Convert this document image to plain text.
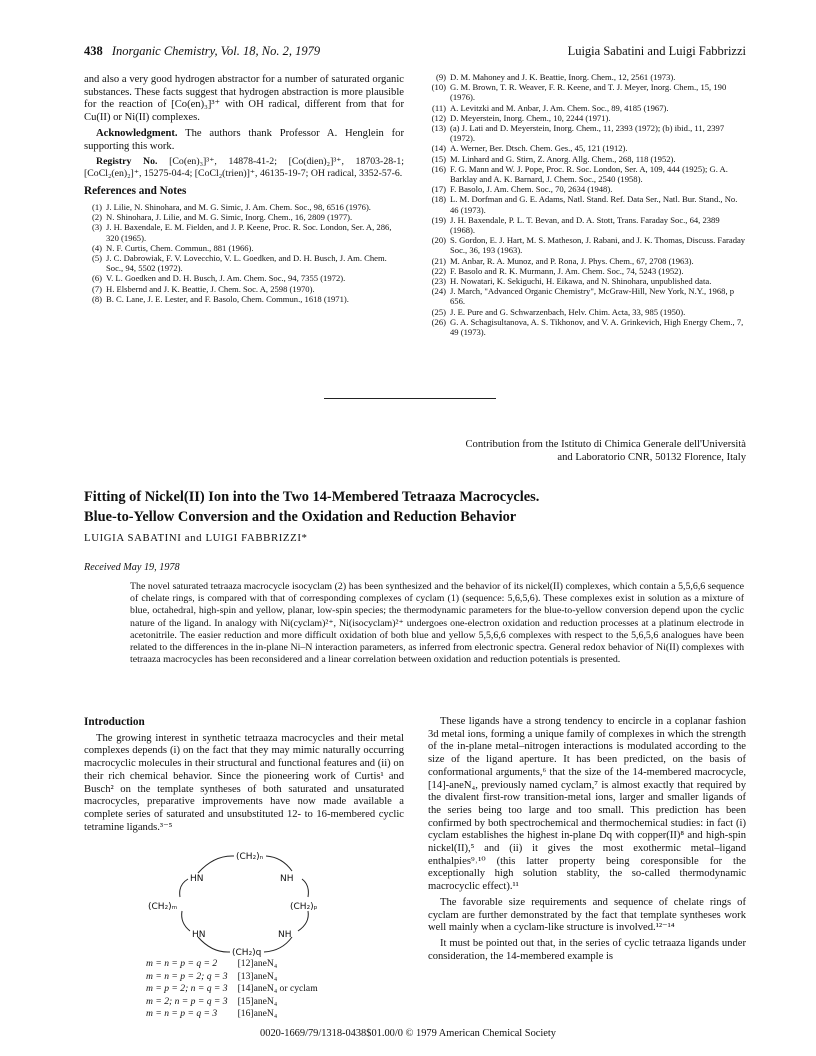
438 Inorganic Chemistry, Vol. 18, No. 2, 1979	Luigia Sabatini and Luigi Fabbrizzi

and also a very good hydrogen abstractor for a number of saturated organic substances. These facts suggest that hydrogen abstraction is more plausible for the reaction of [Co(en)₃]³⁺ with OH radical, different from that for Cu(II) or Ni(II) complexes.

Acknowledgment. The authors thank Professor A. Henglein for supporting this work.

Registry No. [Co(en)₃]³⁺, 14878-41-2; [Co(dien)₂]³⁺, 18703-28-1; [CoCl₂(en)₂]⁺, 15275-04-4; [CoCl₂(trien)]⁺, 46135-19-7; OH radical, 3352-57-6.

References and Notes
(1) J. Lilie, N. Shinohara, and M. G. Simic, J. Am. Chem. Soc., 98, 6516 (1976).
(2) N. Shinohara, J. Lilie, and M. G. Simic, Inorg. Chem., 16, 2809 (1977).
(3) J. H. Baxendale, E. M. Fielden, and J. P. Keene, Proc. R. Soc. London, Ser. A, 286, 320 (1965).
(4) N. F. Curtis, Chem. Commun., 881 (1966).
(5) J. C. Dabrowiak, F. V. Lovecchio, V. L. Goedken, and D. H. Busch, J. Am. Chem. Soc., 94, 5502 (1972).
(6) V. L. Goedken and D. H. Busch, J. Am. Chem. Soc., 94, 7355 (1972).
(7) H. Elsbernd and J. K. Beattie, J. Chem. Soc. A, 2598 (1970).
(8) B. C. Lane, J. E. Lester, and F. Basolo, Chem. Commun., 1618 (1971).
(9) D. M. Mahoney and J. K. Beattie, Inorg. Chem., 12, 2561 (1973).
(10) G. M. Brown, T. R. Weaver, F. R. Keene, and T. J. Meyer, Inorg. Chem., 15, 190 (1976).
(11) A. Levitzki and M. Anbar, J. Am. Chem. Soc., 89, 4185 (1967).
(12) D. Meyerstein, Inorg. Chem., 10, 2244 (1971).
(13) (a) J. Lati and D. Meyerstein, Inorg. Chem., 11, 2393 (1972); (b) ibid., 11, 2397 (1972).
(14) A. Werner, Ber. Dtsch. Chem. Ges., 45, 121 (1912).
(15) M. Linhard and G. Stirn, Z. Anorg. Allg. Chem., 268, 118 (1952).
(16) F. G. Mann and W. J. Pope, Proc. R. Soc. London, Ser. A, 109, 444 (1925); G. A. Barklay and A. K. Barnard, J. Chem. Soc., 2540 (1958).
(17) F. Basolo, J. Am. Chem. Soc., 70, 2634 (1948).
(18) L. M. Dorfman and G. E. Adams, Natl. Stand. Ref. Data Ser., Natl. Bur. Stand., No. 46 (1973).
(19) J. H. Baxendale, P. L. T. Bevan, and D. A. Stott, Trans. Faraday Soc., 64, 2389 (1968).
(20) S. Gordon, E. J. Hart, M. S. Matheson, J. Rabani, and J. K. Thomas, Discuss. Faraday Soc., 36, 193 (1963).
(21) M. Anbar, R. A. Munoz, and P. Rona, J. Phys. Chem., 67, 2708 (1963).
(22) F. Basolo and R. K. Murmann, J. Am. Chem. Soc., 74, 5243 (1952).
(23) H. Nowatari, K. Sekiguchi, H. Eikawa, and N. Shinohara, unpublished data.
(24) J. March, "Advanced Organic Chemistry", McGraw-Hill, New York, N.Y., 1968, p 656.
(25) J. E. Pure and G. Schwarzenbach, Helv. Chim. Acta, 33, 985 (1950).
(26) G. A. Schagisultanova, A. S. Tikhonov, and V. A. Grinkevich, High Energy Chem., 7, 49 (1973).
Contribution from the Istituto di Chimica Generale dell'Università
and Laboratorio CNR, 50132 Florence, Italy
Fitting of Nickel(II) Ion into the Two 14-Membered Tetraaza Macrocycles.
Blue-to-Yellow Conversion and the Oxidation and Reduction Behavior
LUIGIA SABATINI and LUIGI FABBRIZZI*
Received May 19, 1978
The novel saturated tetraaza macrocycle isocyclam (2) has been synthesized and the behavior of its nickel(II) complexes, which contain a 5,5,6,6 sequence of chelate rings, is compared with that of corresponding complexes of cyclam (1) (sequence: 5,6,5,6). These complexes exist in solution as a mixture of blue, octahedral, high-spin and yellow, planar, low-spin species; the thermodynamic parameters for the blue-to-yellow conversion depend upon the cyclic nature of the ligand. In analogy with Ni(cyclam)²⁺, Ni(isocyclam)²⁺ undergoes one-electron oxidation and reduction processes at a platinum electrode in acetonitrile. The easier reduction and more difficult oxidation of both blue and yellow 5,5,6,6 complexes with respect to the 5,6,5,6 analogues have been related to the differences in the in-plane Ni–N interaction parameters, as inferred from electronic spectra. General redox behavior of Ni(II) complexes with tetraaza macrocycles has been reconsidered and a linear correlation between oxidation and reduction potentials is presented.
Introduction

The growing interest in synthetic tetraaza macrocycles and their metal complexes depends (i) on the fact that they may mimic naturally occurring macrocyclic molecules in their structural and functional features and (ii) on their rich chemical behavior. Since the pioneering work of Curtis¹ and Busch² on the template syntheses of both saturated and unsaturated macrocycles, preparative improvements have now made available a complete series of saturated and unsubstituted 12- to 16-membered cyclic tetramine ligands.³⁻⁵

(CH₂)ₙ
HN	NH
(CH₂)ₘ	(CH₂)ₚ
HN	NH
(CH₂)q
m = n = p = q = 2	[12]aneN₄
m = n = p = 2; q = 3	[13]aneN₄
m = p = 2; n = q = 3	[14]aneN₄ or cyclam
m = 2; n = p = q = 3	[15]aneN₄
m = n = p = q = 3	[16]aneN₄

These ligands have a strong tendency to encircle in a coplanar fashion 3d metal ions, forming a unique family of complexes in which the strength of the in-plane metal–nitrogen interactions is modulated according to the size of the ligand aperture. It has been predicted, on the basis of conformational arguments,⁶ that the size of the 14-membered macrocycle, [14]-aneN₄, previously named cyclam,⁷ is almost exactly that required by the divalent first-row transition-metal ions, larger and smaller ligands of the series being too large and too small. This prediction has been confirmed by both spectrochemical and thermochemical studies: in fact (i) cyclam establishes the highest in-plane Dq with copper(II)⁸ and high-spin nickel(II),⁵ and (ii) it gives the most exothermic metal–ligand enthalpies⁹˒¹⁰ (this latter property being coresponsible for the exceptionally high solution stablity, the so-called thermodynamic macrocyclic effect).¹¹

The favorable size requirements and sequence of chelate rings of cyclam are further demonstrated by the fact that template syntheses work well mainly when a cyclam-like structure is involved.¹²⁻¹⁴

It must be pointed out that, in the series of cyclic tetraaza ligands under consideration, the 14-membered example is

0020-1669/79/1318-0438$01.00/0 © 1979 American Chemical Society
